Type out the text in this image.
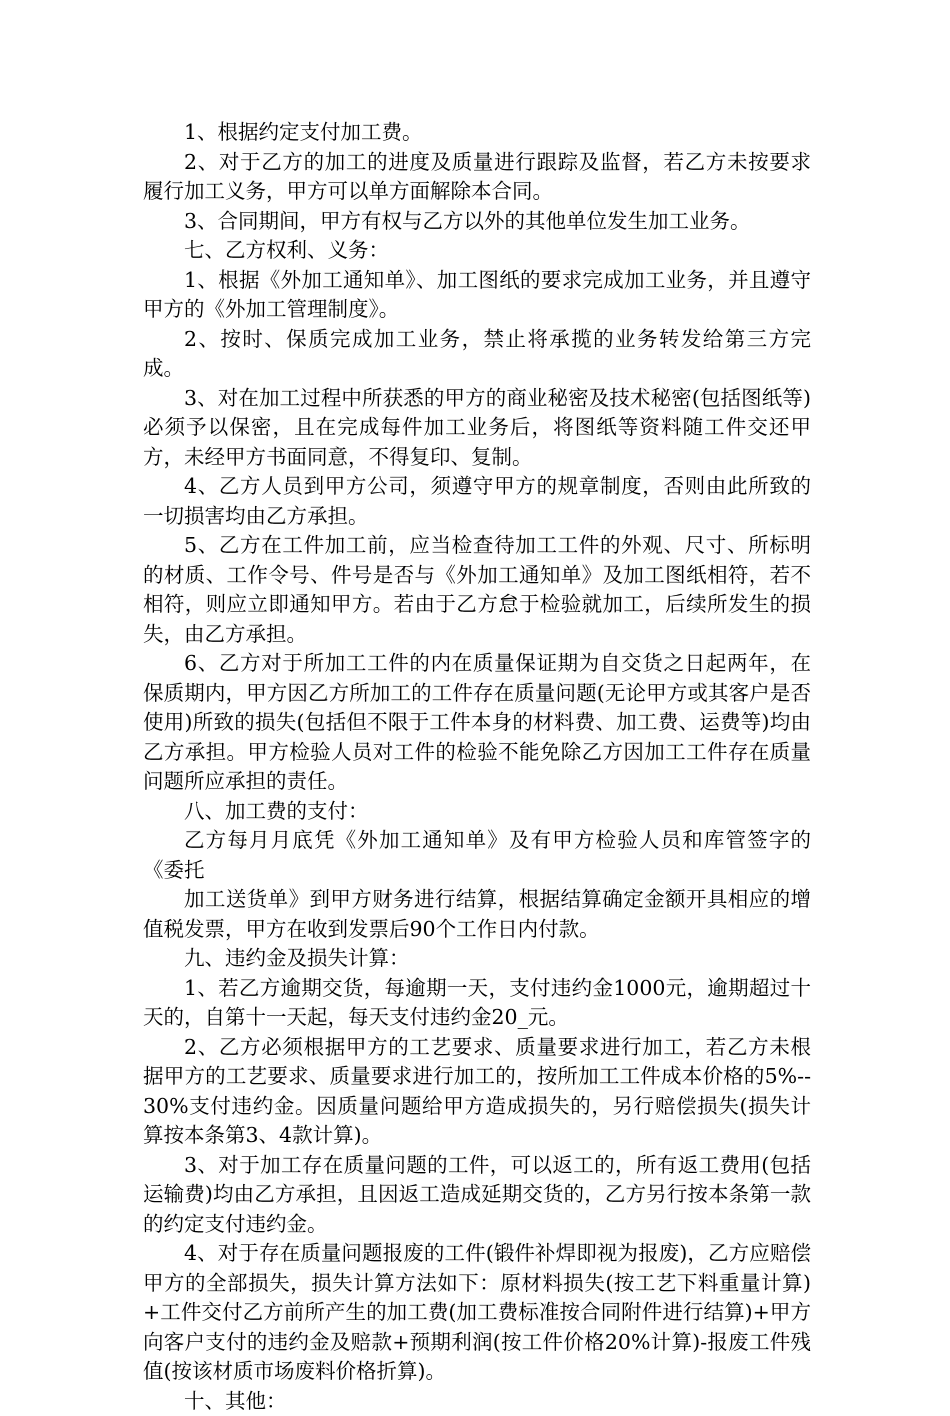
1、根据约定支付加工费。

2、对于乙方的加工的进度及质量进行跟踪及监督，若乙方未按要求履行加工义务，甲方可以单方面解除本合同。

3、合同期间，甲方有权与乙方以外的其他单位发生加工业务。

七、乙方权利、义务：

1、根据《外加工通知单》、加工图纸的要求完成加工业务，并且遵守甲方的《外加工管理制度》。

2、按时、保质完成加工业务，禁止将承揽的业务转发给第三方完成。

3、对在加工过程中所获悉的甲方的商业秘密及技术秘密(包括图纸等)必须予以保密，且在完成每件加工业务后，将图纸等资料随工件交还甲方，未经甲方书面同意，不得复印、复制。

4、乙方人员到甲方公司，须遵守甲方的规章制度，否则由此所致的一切损害均由乙方承担。

5、乙方在工件加工前，应当检查待加工工件的外观、尺寸、所标明的材质、工作令号、件号是否与《外加工通知单》及加工图纸相符，若不相符，则应立即通知甲方。若由于乙方怠于检验就加工，后续所发生的损失，由乙方承担。

6、乙方对于所加工工件的内在质量保证期为自交货之日起两年，在保质期内，甲方因乙方所加工的工件存在质量问题(无论甲方或其客户是否使用)所致的损失(包括但不限于工件本身的材料费、加工费、运费等)均由乙方承担。甲方检验人员对工件的检验不能免除乙方因加工工件存在质量问题所应承担的责任。

八、加工费的支付：

乙方每月月底凭《外加工通知单》及有甲方检验人员和库管签字的《委托

加工送货单》到甲方财务进行结算，根据结算确定金额开具相应的增值税发票，甲方在收到发票后90个工作日内付款。

九、违约金及损失计算：

1、若乙方逾期交货，每逾期一天，支付违约金1000元，逾期超过十天的，自第十一天起，每天支付违约金20_元。

2、乙方必须根据甲方的工艺要求、质量要求进行加工，若乙方未根据甲方的工艺要求、质量要求进行加工的，按所加工工件成本价格的5%--30%支付违约金。因质量问题给甲方造成损失的，另行赔偿损失(损失计算按本条第3、4款计算)。

3、对于加工存在质量问题的工件，可以返工的，所有返工费用(包括运输费)均由乙方承担，且因返工造成延期交货的，乙方另行按本条第一款的约定支付违约金。

4、对于存在质量问题报废的工件(锻件补焊即视为报废)，乙方应赔偿甲方的全部损失，损失计算方法如下：原材料损失(按工艺下料重量计算)+工件交付乙方前所产生的加工费(加工费标准按合同附件进行结算)+甲方向客户支付的违约金及赔款+预期利润(按工件价格20%计算)-报废工件残值(按该材质市场废料价格折算)。

十、其他：
